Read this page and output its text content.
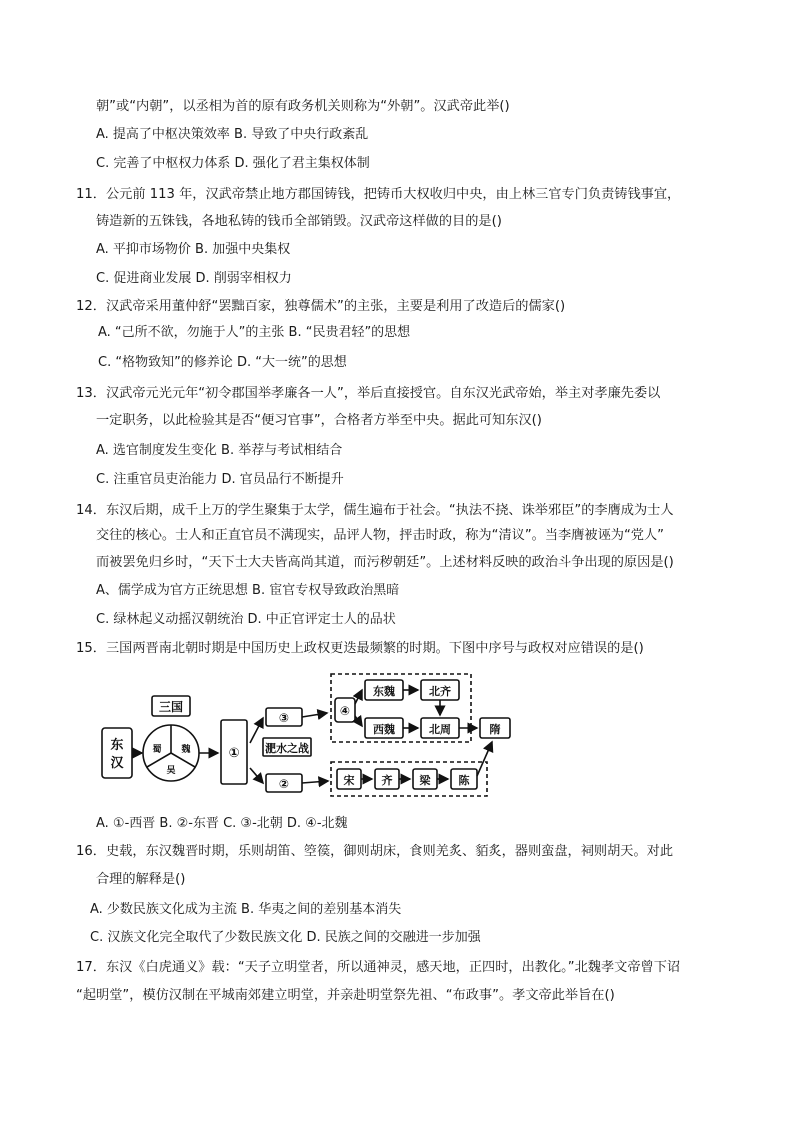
朝”或“内朝”，以丞相为首的原有政务机关则称为“外朝”。汉武帝此举()
A. 提高了中枢决策效率 B. 导致了中央行政紊乱
C. 完善了中枢权力体系 D. 强化了君主集权体制
11．公元前 113 年，汉武帝禁止地方郡国铸钱，把铸币大权收归中央，由上林三官专门负责铸钱事宜，
铸造新的五铢钱，各地私铸的钱币全部销毁。汉武帝这样做的目的是()
A. 平抑市场物价 B. 加强中央集权
C. 促进商业发展 D. 削弱宰相权力
12．汉武帝采用董仲舒“罢黜百家，独尊儒术”的主张，主要是利用了改造后的儒家()
A. “己所不欲，勿施于人”的主张 B. “民贵君轻”的思想
C. “格物致知”的修养论 D. “大一统”的思想
13．汉武帝元光元年“初令郡国举孝廉各一人”，举后直接授官。自东汉光武帝始，举主对孝廉先委以
一定职务，以此检验其是否“便习官事”，合格者方举至中央。据此可知东汉()
A. 选官制度发生变化 B. 举荐与考试相结合
C. 注重官员吏治能力 D. 官员品行不断提升
14．东汉后期，成千上万的学生聚集于太学，儒生遍布于社会。“执法不挠、诛举邪臣”的李膺成为士人
交往的核心。士人和正直官员不满现实，品评人物，抨击时政，称为“清议”。当李膺被诬为“党人”
而被罢免归乡时，“天下士大夫皆高尚其道，而污秽朝廷”。上述材料反映的政治斗争出现的原因是()
A、儒学成为官方正统思想 B. 宦官专权导致政治黑暗
C. 绿林起义动摇汉朝统治 D. 中正官评定士人的品状
15．三国两晋南北朝时期是中国历史上政权更迭最频繁的时期。下图中序号与政权对应错误的是()
A. ①-西晋 B. ②-东晋 C. ③-北朝 D. ④-北魏
16．史载，东汉魏晋时期，乐则胡笛、箜篌，御则胡床，食则羌炙、貊炙，器则蛮盘，祠则胡天。对此
合理的解释是()
A. 少数民族文化成为主流 B. 华夷之间的差别基本消失
C. 汉族文化完全取代了少数民族文化 D. 民族之间的交融进一步加强
17．东汉《白虎通义》载：“天子立明堂者，所以通神灵，感天地，正四时，出教化。”北魏孝文帝曾下诏
“起明堂”，模仿汉制在平城南郊建立明堂，并亲赴明堂祭先祖、“布政事”。孝文帝此举旨在()
东
汉
三国
蜀 魏
吴
①
③
淝水之战
②
④
东魏
西魏
北齐
北周	隋
宋 齐 梁	陈
